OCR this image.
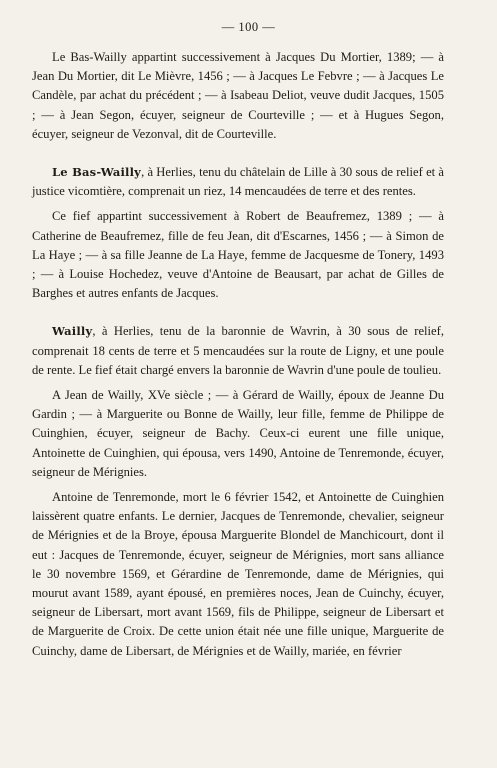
— 100 —

Le Bas-Wailly appartint successivement à Jacques Du Mortier, 1389; — à Jean Du Mortier, dit Le Mièvre, 1456 ; — à Jacques Le Febvre ; — à Jacques Le Candèle, par achat du précédent ; — à Isabeau Deliot, veuve dudit Jacques, 1505 ; — à Jean Segon, écuyer, seigneur de Courteville ; — et à Hugues Segon, écuyer, seigneur de Vezonval, dit de Courteville.

Le Bas-Wailly, à Herlies, tenu du châtelain de Lille à 30 sous de relief et à justice vicomtière, comprenait un riez, 14 mencaudées de terre et des rentes.

Ce fief appartint successivement à Robert de Beaufremez, 1389 ; — à Catherine de Beaufremez, fille de feu Jean, dit d'Escarnes, 1456 ; — à Simon de La Haye ; — à sa fille Jeanne de La Haye, femme de Jacquesme de Tonery, 1493 ; — à Louise Hochedez, veuve d'Antoine de Beausart, par achat de Gilles de Barghes et autres enfants de Jacques.

Wailly, à Herlies, tenu de la baronnie de Wavrin, à 30 sous de relief, comprenait 18 cents de terre et 5 mencaudées sur la route de Ligny, et une poule de rente. Le fief était chargé envers la baronnie de Wavrin d'une poule de toulieu.

A Jean de Wailly, XVe siècle ; — à Gérard de Wailly, époux de Jeanne Du Gardin ; — à Marguerite ou Bonne de Wailly, leur fille, femme de Philippe de Cuinghien, écuyer, seigneur de Bachy. Ceux-ci eurent une fille unique, Antoinette de Cuinghien, qui épousa, vers 1490, Antoine de Tenremonde, écuyer, seigneur de Mérignies.

Antoine de Tenremonde, mort le 6 février 1542, et Antoinette de Cuinghien laissèrent quatre enfants. Le dernier, Jacques de Tenremonde, chevalier, seigneur de Mérignies et de la Broye, épousa Marguerite Blondel de Manchicourt, dont il eut : Jacques de Tenremonde, écuyer, seigneur de Mérignies, mort sans alliance le 30 novembre 1569, et Gérardine de Tenremonde, dame de Mérignies, qui mourut avant 1589, ayant épousé, en premières noces, Jean de Cuinchy, écuyer, seigneur de Libersart, mort avant 1569, fils de Philippe, seigneur de Libersart et de Marguerite de Croix. De cette union était née une fille unique, Marguerite de Cuinchy, dame de Libersart, de Mérignies et de Wailly, mariée, en février
